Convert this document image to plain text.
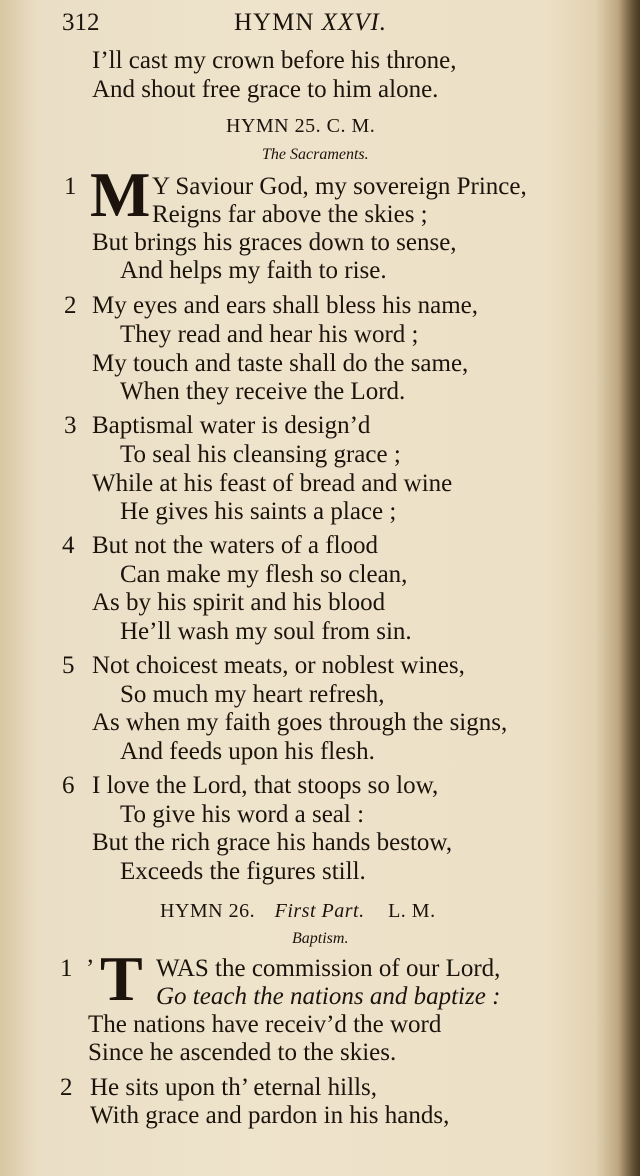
312	HYMN XXVI.
I’ll cast my crown before his throne,
And shout free grace to him alone.
HYMN 25. C. M.
The Sacraments.
1 M Y Saviour God, my sovereign Prince,
Reigns far above the skies ;
But brings his graces down to sense,
And helps my faith to rise.
2 My eyes and ears shall bless his name,
They read and hear his word ;
My touch and taste shall do the same,
When they receive the Lord.
3 Baptismal water is design’d
To seal his cleansing grace ;
While at his feast of bread and wine
He gives his saints a place ;
4 But not the waters of a flood
Can make my flesh so clean,
As by his spirit and his blood
He’ll wash my soul from sin.
5 Not choicest meats, or noblest wines,
So much my heart refresh,
As when my faith goes through the signs,
And feeds upon his flesh.
6 I love the Lord, that stoops so low,
To give his word a seal :
But the rich grace his hands bestow,
Exceeds the figures still.
HYMN 26. First Part. L. M.
Baptism.
1 ’ T WAS the commission of our Lord,
Go teach the nations and baptize :
The nations have receiv’d the word
Since he ascended to the skies.
2 He sits upon th’ eternal hills,
With grace and pardon in his hands,
